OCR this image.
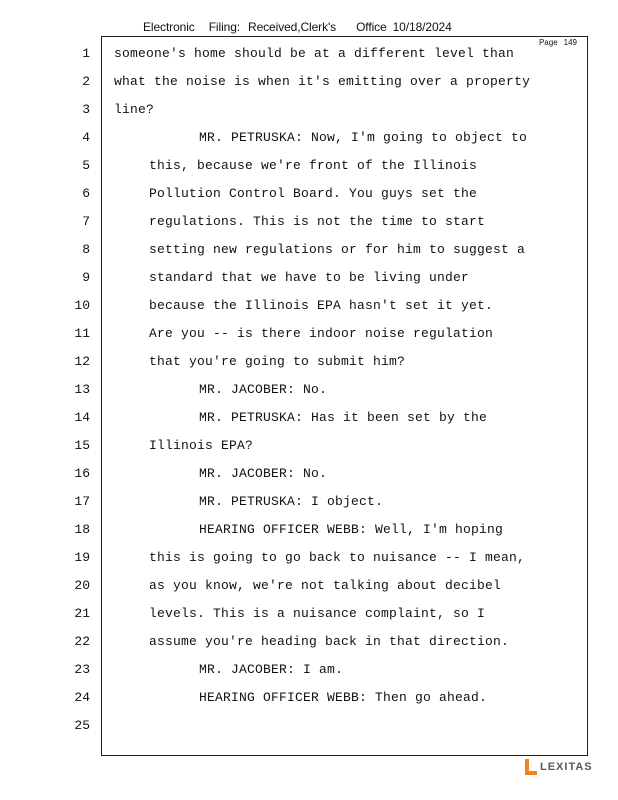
Electronic Filing: Received,Clerk's Office 10/18/2024
Page 149
1 someone's home should be at a different level than
2 what the noise is when it's emitting over a property
3 line?
4	MR. PETRUSKA: Now, I'm going to object to
5	this, because we're front of the Illinois
6	Pollution Control Board. You guys set the
7	regulations. This is not the time to start
8	setting new regulations or for him to suggest a
9	standard that we have to be living under
10	because the Illinois EPA hasn't set it yet.
11	Are you -- is there indoor noise regulation
12	that you're going to submit him?
13	MR. JACOBER: No.
14	MR. PETRUSKA: Has it been set by the
15	Illinois EPA?
16	MR. JACOBER: No.
17	MR. PETRUSKA: I object.
18	HEARING OFFICER WEBB: Well, I'm hoping
19	this is going to go back to nuisance -- I mean,
20	as you know, we're not talking about decibel
21	levels. This is a nuisance complaint, so I
22	assume you're heading back in that direction.
23	MR. JACOBER: I am.
24	HEARING OFFICER WEBB: Then go ahead.
25
LEXITAS
